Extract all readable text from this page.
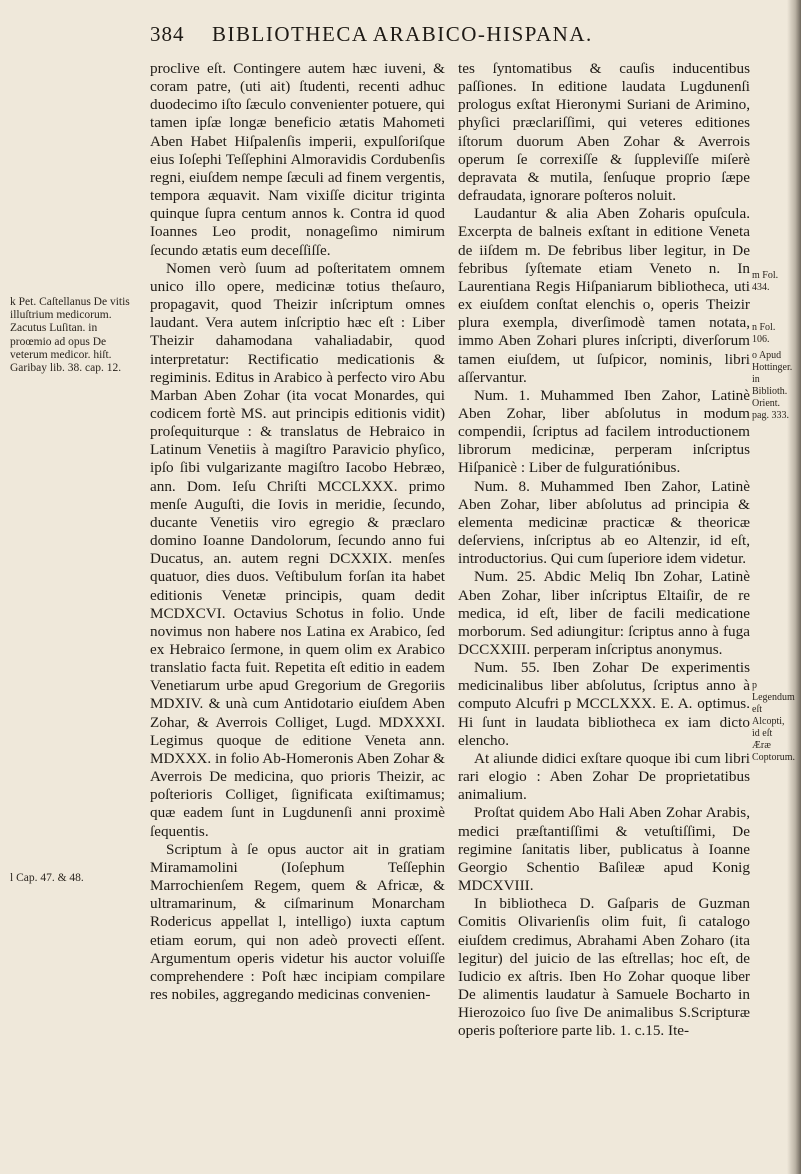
384 BIBLIOTHECA ARABICO-HISPANA.
k Pet. Caſtellanus De vitis illuſtrium medicorum. Zacutus Luſitan. in proœmio ad opus De veterum medicor. hiſt. Garibay lib. 38. cap. 12.
l Cap. 47. & 48.

proclive eſt. Contingere autem hæc iuveni, & coram patre, (uti ait) ſtudenti, recenti adhuc duodecimo iſto ſæculo convenienter potuere, qui tamen ipſæ longæ beneficio ætatis Mahometi Aben Habet Hiſpalenſis imperii, expulſoriſque eius Ioſephi Teſſephini Almoravidis Cordubenſis regni, eiuſdem nempe ſæculi ad finem vergentis, tempora æquavit. Nam vixiſſe dicitur triginta quinque ſupra centum annos k. Contra id quod Ioannes Leo prodit, nonageſimo nimirum ſecundo ætatis eum deceſſiſſe.

Nomen verò ſuum ad poſteritatem omnem unico illo opere, medicinæ totius theſauro, propagavit, quod Theizir inſcriptum omnes laudant. Vera autem inſcriptio hæc eſt : Liber Theizir dahamodana vahaliadabir, quod interpretatur: Rectificatio medicationis & regiminis. Editus in Arabico à perfecto viro Abu Marban Aben Zohar (ita vocat Monardes, qui codicem fortè MS. aut principis editionis vidit) proſequiturque : & translatus de Hebraico in Latinum Venetiis à magiſtro Paravicio phyſico, ipſo ſibi vulgarizante magiſtro Iacobo Hebræo, ann. Dom. Ieſu Chriſti MCCLXXX. primo menſe Auguſti, die Iovis in meridie, ſecundo, ducante Venetiis viro egregio & præclaro domino Ioanne Dandolorum, ſecundo anno fui Ducatus, an. autem regni DCXXIX. menſes quatuor, dies duos. Veſtibulum forſan ita habet editionis Venetæ principis, quam dedit MCDXCVI. Octavius Schotus in folio. Unde novimus non habere nos Latina ex Arabico, ſed ex Hebraico ſermone, in quem olim ex Arabico translatio facta fuit. Repetita eſt editio in eadem Venetiarum urbe apud Gregorium de Gregoriis MDXIV. & unà cum Antidotario eiuſdem Aben Zohar, & Averrois Colliget, Lugd. MDXXXI. Legimus quoque de editione Veneta ann. MDXXX. in folio Ab-Homeronis Aben Zohar & Averrois De medicina, quo prioris Theizir, ac poſterioris Colliget, ſignificata exiſtimamus; quæ eadem ſunt in Lugdunenſi anni proximè ſequentis.

Scriptum à ſe opus auctor ait in gratiam Miramamolini (Ioſephum Teſſephin Marrochienſem Regem, quem & Africæ, & ultramarinum, & ciſmarinum Monarcham Rodericus appellat l, intelligo) iuxta captum etiam eorum, qui non adeò provecti eſſent. Argumentum operis videtur his auctor voluiſſe comprehendere : Poſt hæc incipiam compilare res nobiles, aggregando medicinas convenien-

tes ſyntomatibus & cauſis inducentibus paſſiones. In editione laudata Lugdunenſi prologus exſtat Hieronymi Suriani de Arimino, phyſici præclariſſimi, qui veteres editiones iſtorum duorum Aben Zohar & Averrois operum ſe correxiſſe & ſuppleviſſe miſerè depravata & mutila, ſenſuque proprio ſæpe defraudata, ignorare poſteros noluit.

Laudantur & alia Aben Zoharis opuſcula. Excerpta de balneis exſtant in editione Veneta de iiſdem m. De febribus liber legitur, in De febribus ſyſtemate etiam Veneto n. In Laurentiana Regis Hiſpaniarum bibliotheca, uti ex eiuſdem conſtat elenchis o, operis Theizir plura exempla, diverſimodè tamen notata, immo Aben Zohari plures inſcripti, diverſorum tamen eiuſdem, ut ſuſpicor, nominis, libri aſſervantur.

Num. 1. Muhammed Iben Zahor, Latinè Aben Zohar, liber abſolutus in modum compendii, ſcriptus ad facilem introductionem librorum medicinæ, perperam inſcriptus Hiſpanicè : Liber de fulguratiónibus.

Num. 8. Muhammed Iben Zahor, Latinè Aben Zohar, liber abſolutus ad principia & elementa medicinæ practicæ & theoricæ deſerviens, inſcriptus ab eo Altenzir, id eſt, introductorius. Qui cum ſuperiore idem videtur.

Num. 25. Abdic Meliq Ibn Zohar, Latinè Aben Zohar, liber inſcriptus Eltaiſir, de re medica, id eſt, liber de facili medicatione morborum. Sed adiungitur: ſcriptus anno à fuga DCCXXIII. perperam inſcriptus anonymus.

Num. 55. Iben Zohar De experimentis medicinalibus liber abſolutus, ſcriptus anno à computo Alcufri p MCCLXXX. E. A. optimus. Hi ſunt in laudata bibliotheca ex iam dicto elencho.

At aliunde didici exſtare quoque ibi cum libri rari elogio : Aben Zohar De proprietatibus animalium.

Proſtat quidem Abo Hali Aben Zohar Arabis, medici præſtantiſſimi & vetuſtiſſimi, De regimine ſanitatis liber, publicatus à Ioanne Georgio Schentio Baſileæ apud Konig MDCXVIII.

In bibliotheca D. Gaſparis de Guzman Comitis Olivarienſis olim fuit, ſi catalogo eiuſdem credimus, Abrahami Aben Zoharo (ita legitur) del juicio de las eſtrellas; hoc eſt, de Iudicio ex aſtris. Iben Ho Zohar quoque liber De alimentis laudatur à Samuele Bocharto in Hierozoico ſuo ſive De animalibus S.Scripturæ operis poſteriore parte lib. 1. c.15. Ite-

m Fol. 434.
n Fol. 106.
o Apud Hottinger. in Biblioth. Orient. pag. 333.
p Legendum eſt Alcopti, ìd eſt Æræ Coptorum.
